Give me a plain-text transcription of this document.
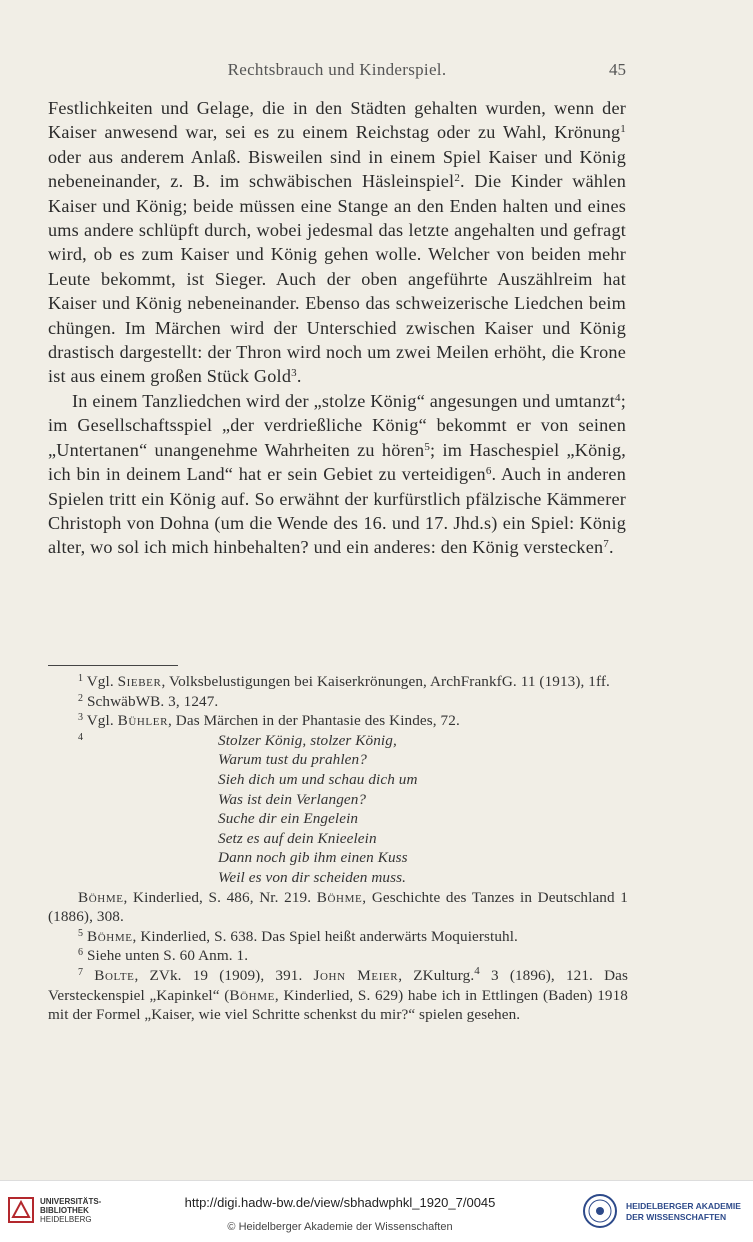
Rechtsbrauch und Kinderspiel.	45

Festlichkeiten und Gelage, die in den Städten gehalten wurden, wenn der Kaiser anwesend war, sei es zu einem Reichstag oder zu Wahl, Krönung$^1$ oder aus anderem Anlaß. Bisweilen sind in einem Spiel Kaiser und König nebeneinander, z. B. im schwäbischen Häsleinspiel$^2$. Die Kinder wählen Kaiser und König; beide müssen eine Stange an den Enden halten und eines ums andere schlüpft durch, wobei jedesmal das letzte angehalten und gefragt wird, ob es zum Kaiser und König gehen wolle. Welcher von beiden mehr Leute bekommt, ist Sieger. Auch der oben angeführte Auszählreim hat Kaiser und König nebeneinander. Ebenso das schweizerische Liedchen beim chüngen. Im Märchen wird der Unterschied zwischen Kaiser und König drastisch dargestellt: der Thron wird noch um zwei Meilen erhöht, die Krone ist aus einem großen Stück Gold$^3$.

In einem Tanzliedchen wird der „stolze König“ angesungen und umtanzt$^4$; im Gesellschaftsspiel „der verdrießliche König“ bekommt er von seinen „Untertanen“ unangenehme Wahrheiten zu hören$^5$; im Haschespiel „König, ich bin in deinem Land“ hat er sein Gebiet zu verteidigen$^6$. Auch in anderen Spielen tritt ein König auf. So erwähnt der kurfürstlich pfälzische Kämmerer Christoph von Dohna (um die Wende des 16. und 17. Jhd.s) ein Spiel: König alter, wo sol ich mich hinbehalten? und ein anderes: den König verstecken$^7$.

$^1$ Vgl. Sieber, Volksbelustigungen bei Kaiserkrönungen, ArchFrankfG. 11 (1913), 1ff.

$^2$ SchwäbWB. 3, 1247.

$^3$ Vgl. Bühler, Das Märchen in der Phantasie des Kindes, 72.

$^4$	Stolzer König, stolzer König,
Warum tust du prahlen?
Sieh dich um und schau dich um
Was ist dein Verlangen?
Suche dir ein Engelein
Setz es auf dein Knieelein
Dann noch gib ihm einen Kuss
Weil es von dir scheiden muss.

Böhme, Kinderlied, S. 486, Nr. 219. Böhme, Geschichte des Tanzes in Deutschland 1 (1886), 308.

$^5$ Böhme, Kinderlied, S. 638. Das Spiel heißt anderwärts Moquierstuhl.

$^6$ Siehe unten S. 60 Anm. 1.

$^7$ Bolte, ZVk. 19 (1909), 391. John Meier, ZKulturg.$^4$ 3 (1896), 121. Das Versteckenspiel „Kapinkel“ (Böhme, Kinderlied, S. 629) habe ich in Ettlingen (Baden) 1918 mit der Formel „Kaiser, wie viel Schritte schenkst du mir?“ spielen gesehen.

UNIVERSITÄTS-
BIBLIOTHEK
HEIDELBERG
http://digi.hadw-bw.de/view/sbhadwphkl_1920_7/0045
© Heidelberger Akademie der Wissenschaften
HEIDELBERGER AKADEMIE
DER WISSENSCHAFTEN
